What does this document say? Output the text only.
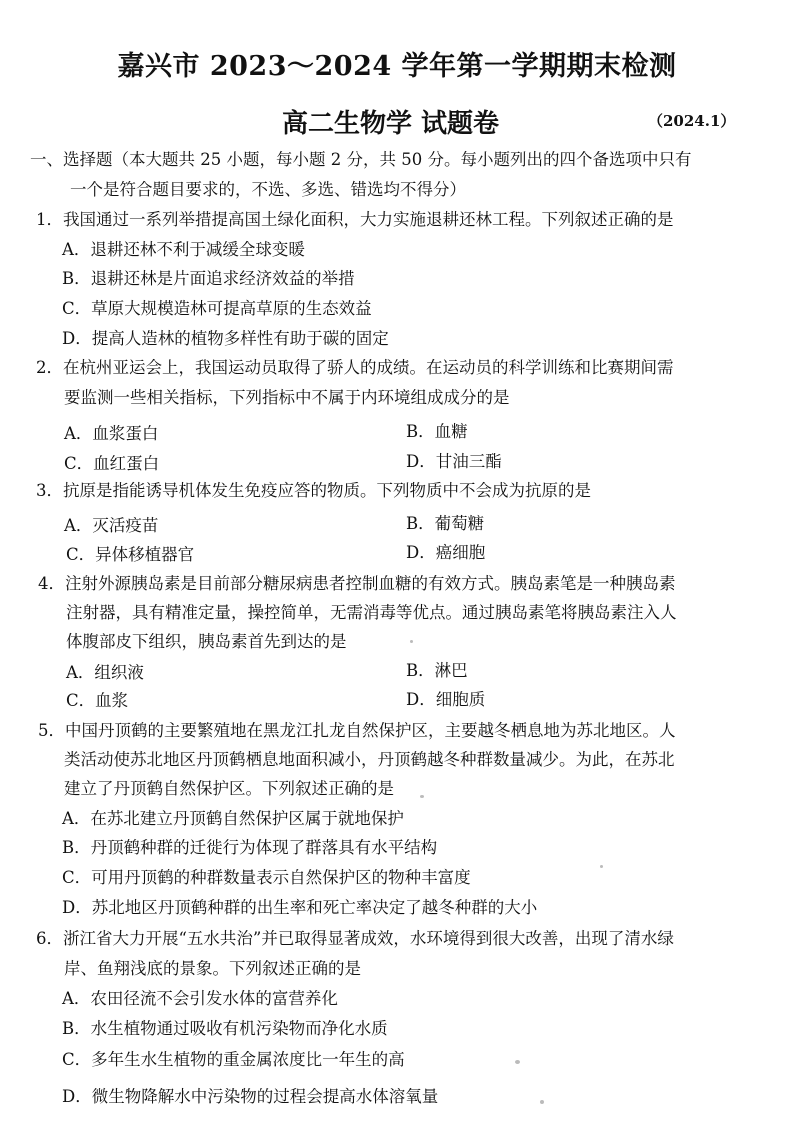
嘉兴市 2023～2024 学年第一学期期末检测
高二生物学 试题卷	（2024.1）
一、选择题（本大题共 25 小题，每小题 2 分，共 50 分。每小题列出的四个备选项中只有
一个是符合题目要求的，不选、多选、错选均不得分）
1．我国通过一系列举措提高国土绿化面积，大力实施退耕还林工程。下列叙述正确的是
A．退耕还林不利于减缓全球变暖
B．退耕还林是片面追求经济效益的举措
C．草原大规模造林可提高草原的生态效益
D．提高人造林的植物多样性有助于碳的固定
2．在杭州亚运会上，我国运动员取得了骄人的成绩。在运动员的科学训练和比赛期间需
要监测一些相关指标，下列指标中不属于内环境组成成分的是
A．血浆蛋白	B．血糖
C．血红蛋白	D．甘油三酯
3．抗原是指能诱导机体发生免疫应答的物质。下列物质中不会成为抗原的是
A．灭活疫苗	B．葡萄糖
C．异体移植器官	D．癌细胞
4．注射外源胰岛素是目前部分糖尿病患者控制血糖的有效方式。胰岛素笔是一种胰岛素
注射器，具有精准定量，操控简单，无需消毒等优点。通过胰岛素笔将胰岛素注入人
体腹部皮下组织，胰岛素首先到达的是
A．组织液	B．淋巴
C．血浆	D．细胞质
5．中国丹顶鹤的主要繁殖地在黑龙江扎龙自然保护区，主要越冬栖息地为苏北地区。人
类活动使苏北地区丹顶鹤栖息地面积减小，丹顶鹤越冬种群数量减少。为此，在苏北
建立了丹顶鹤自然保护区。下列叙述正确的是
A．在苏北建立丹顶鹤自然保护区属于就地保护
B．丹顶鹤种群的迁徙行为体现了群落具有水平结构
C．可用丹顶鹤的种群数量表示自然保护区的物种丰富度
D．苏北地区丹顶鹤种群的出生率和死亡率决定了越冬种群的大小
6．浙江省大力开展“五水共治”并已取得显著成效，水环境得到很大改善，出现了清水绿
岸、鱼翔浅底的景象。下列叙述正确的是
A．农田径流不会引发水体的富营养化
B．水生植物通过吸收有机污染物而净化水质
C．多年生水生植物的重金属浓度比一年生的高
D．微生物降解水中污染物的过程会提高水体溶氧量
